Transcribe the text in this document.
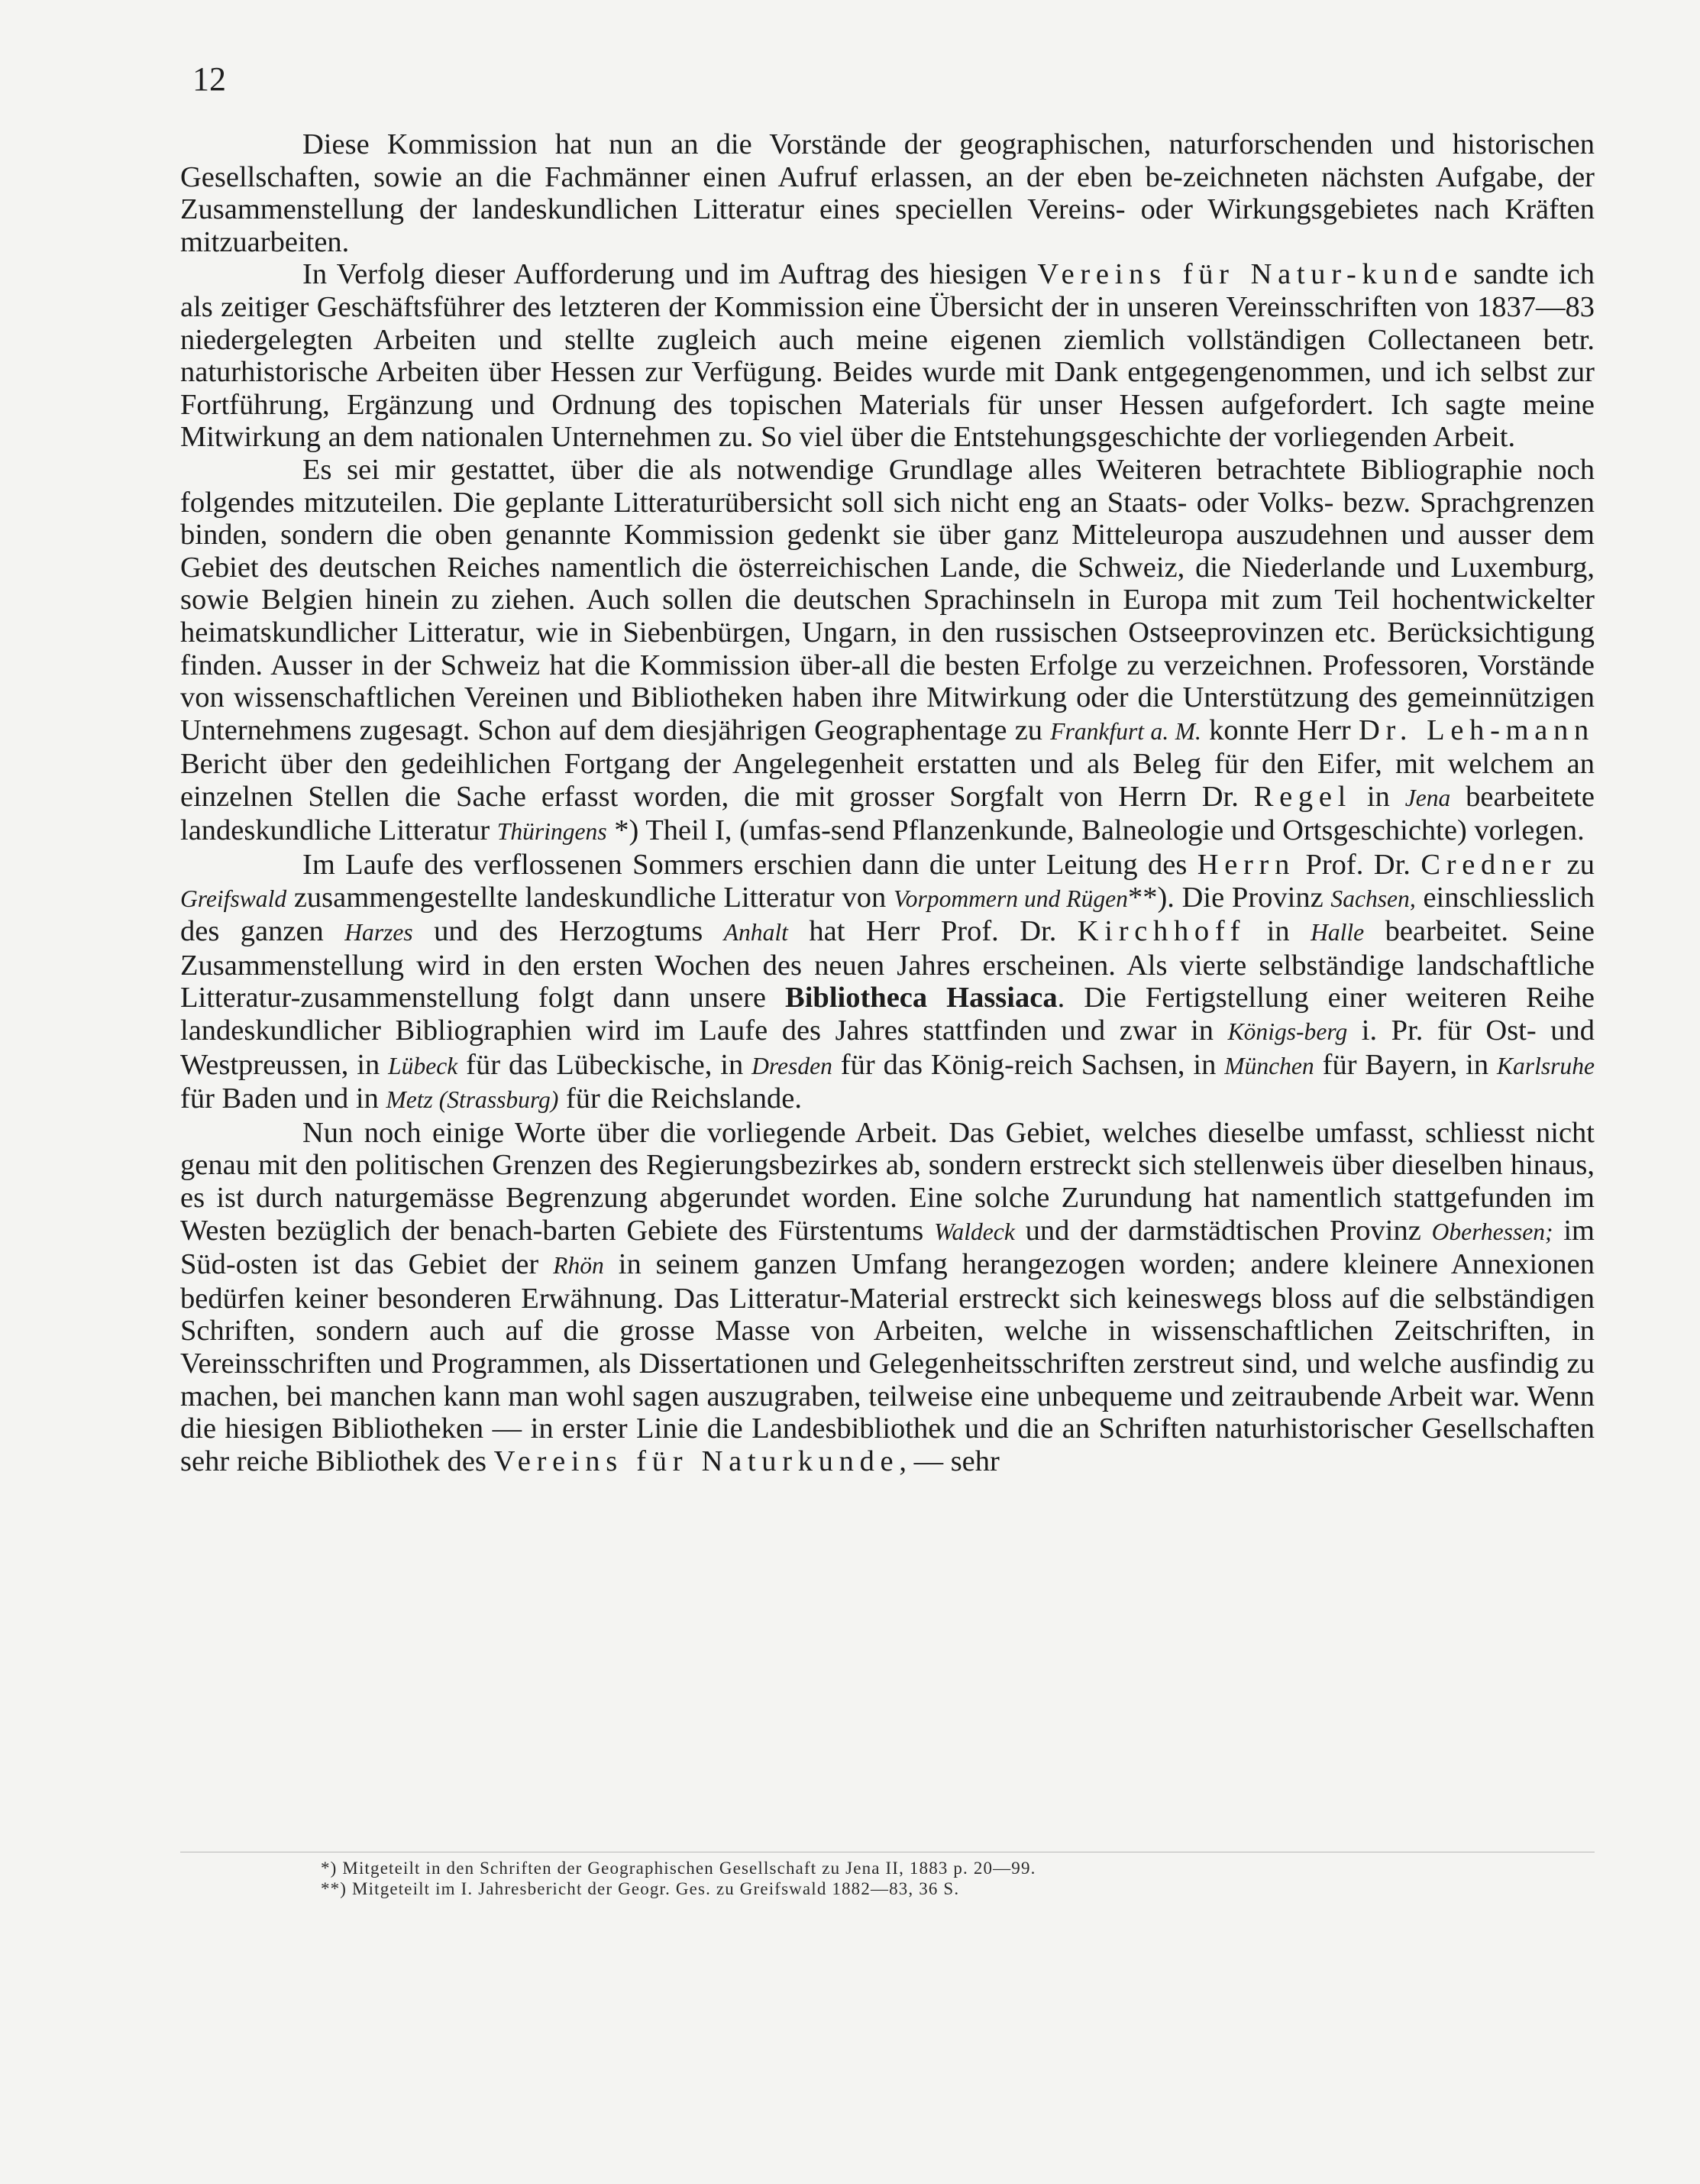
12

Diese Kommission hat nun an die Vorstände der geographischen, naturforschenden und historischen Gesellschaften, sowie an die Fachmänner einen Aufruf erlassen, an der eben be-zeichneten nächsten Aufgabe, der Zusammenstellung der landeskundlichen Litteratur eines speciellen Vereins- oder Wirkungsgebietes nach Kräften mitzuarbeiten.

In Verfolg dieser Aufforderung und im Auftrag des hiesigen Vereins für Natur-kunde sandte ich als zeitiger Geschäftsführer des letzteren der Kommission eine Übersicht der in unseren Vereinsschriften von 1837—83 niedergelegten Arbeiten und stellte zugleich auch meine eigenen ziemlich vollständigen Collectaneen betr. naturhistorische Arbeiten über Hessen zur Verfügung. Beides wurde mit Dank entgegengenommen, und ich selbst zur Fortführung, Ergänzung und Ordnung des topischen Materials für unser Hessen aufgefordert. Ich sagte meine Mitwirkung an dem nationalen Unternehmen zu. So viel über die Entstehungsgeschichte der vorliegenden Arbeit.

Es sei mir gestattet, über die als notwendige Grundlage alles Weiteren betrachtete Bibliographie noch folgendes mitzuteilen. Die geplante Litteraturübersicht soll sich nicht eng an Staats- oder Volks- bezw. Sprachgrenzen binden, sondern die oben genannte Kommission gedenkt sie über ganz Mitteleuropa auszudehnen und ausser dem Gebiet des deutschen Reiches namentlich die österreichischen Lande, die Schweiz, die Niederlande und Luxemburg, sowie Belgien hinein zu ziehen. Auch sollen die deutschen Sprachinseln in Europa mit zum Teil hochentwickelter heimatskundlicher Litteratur, wie in Siebenbürgen, Ungarn, in den russischen Ostseeprovinzen etc. Berücksichtigung finden. Ausser in der Schweiz hat die Kommission über-all die besten Erfolge zu verzeichnen. Professoren, Vorstände von wissenschaftlichen Vereinen und Bibliotheken haben ihre Mitwirkung oder die Unterstützung des gemeinnützigen Unternehmens zugesagt. Schon auf dem diesjährigen Geographentage zu Frankfurt a. M. konnte Herr Dr. Leh-mann Bericht über den gedeihlichen Fortgang der Angelegenheit erstatten und als Beleg für den Eifer, mit welchem an einzelnen Stellen die Sache erfasst worden, die mit grosser Sorgfalt von Herrn Dr. Regel in Jena bearbeitete landeskundliche Litteratur Thüringens *) Theil I, (umfas-send Pflanzenkunde, Balneologie und Ortsgeschichte) vorlegen.

Im Laufe des verflossenen Sommers erschien dann die unter Leitung des Herrn Prof. Dr. Credner zu Greifswald zusammengestellte landeskundliche Litteratur von Vorpommern und Rügen**). Die Provinz Sachsen, einschliesslich des ganzen Harzes und des Herzogtums Anhalt hat Herr Prof. Dr. Kirchhoff in Halle bearbeitet. Seine Zusammenstellung wird in den ersten Wochen des neuen Jahres erscheinen. Als vierte selbständige landschaftliche Litteratur-zusammenstellung folgt dann unsere Bibliotheca Hassiaca. Die Fertigstellung einer weiteren Reihe landeskundlicher Bibliographien wird im Laufe des Jahres stattfinden und zwar in Königs-berg i. Pr. für Ost- und Westpreussen, in Lübeck für das Lübeckische, in Dresden für das König-reich Sachsen, in München für Bayern, in Karlsruhe für Baden und in Metz (Strassburg) für die Reichslande.

Nun noch einige Worte über die vorliegende Arbeit. Das Gebiet, welches dieselbe umfasst, schliesst nicht genau mit den politischen Grenzen des Regierungsbezirkes ab, sondern erstreckt sich stellenweis über dieselben hinaus, es ist durch naturgemässe Begrenzung abgerundet worden. Eine solche Zurundung hat namentlich stattgefunden im Westen bezüglich der benach-barten Gebiete des Fürstentums Waldeck und der darmstädtischen Provinz Oberhessen; im Süd-osten ist das Gebiet der Rhön in seinem ganzen Umfang herangezogen worden; andere kleinere Annexionen bedürfen keiner besonderen Erwähnung. Das Litteratur-Material erstreckt sich keineswegs bloss auf die selbständigen Schriften, sondern auch auf die grosse Masse von Arbeiten, welche in wissenschaftlichen Zeitschriften, in Vereinsschriften und Programmen, als Dissertationen und Gelegenheitsschriften zerstreut sind, und welche ausfindig zu machen, bei manchen kann man wohl sagen auszugraben, teilweise eine unbequeme und zeitraubende Arbeit war. Wenn die hiesigen Bibliotheken — in erster Linie die Landesbibliothek und die an Schriften naturhistorischer Gesellschaften sehr reiche Bibliothek des Vereins für Naturkunde, — sehr

*) Mitgeteilt in den Schriften der Geographischen Gesellschaft zu Jena II, 1883 p. 20—99.
**) Mitgeteilt im I. Jahresbericht der Geogr. Ges. zu Greifswald 1882—83, 36 S.
